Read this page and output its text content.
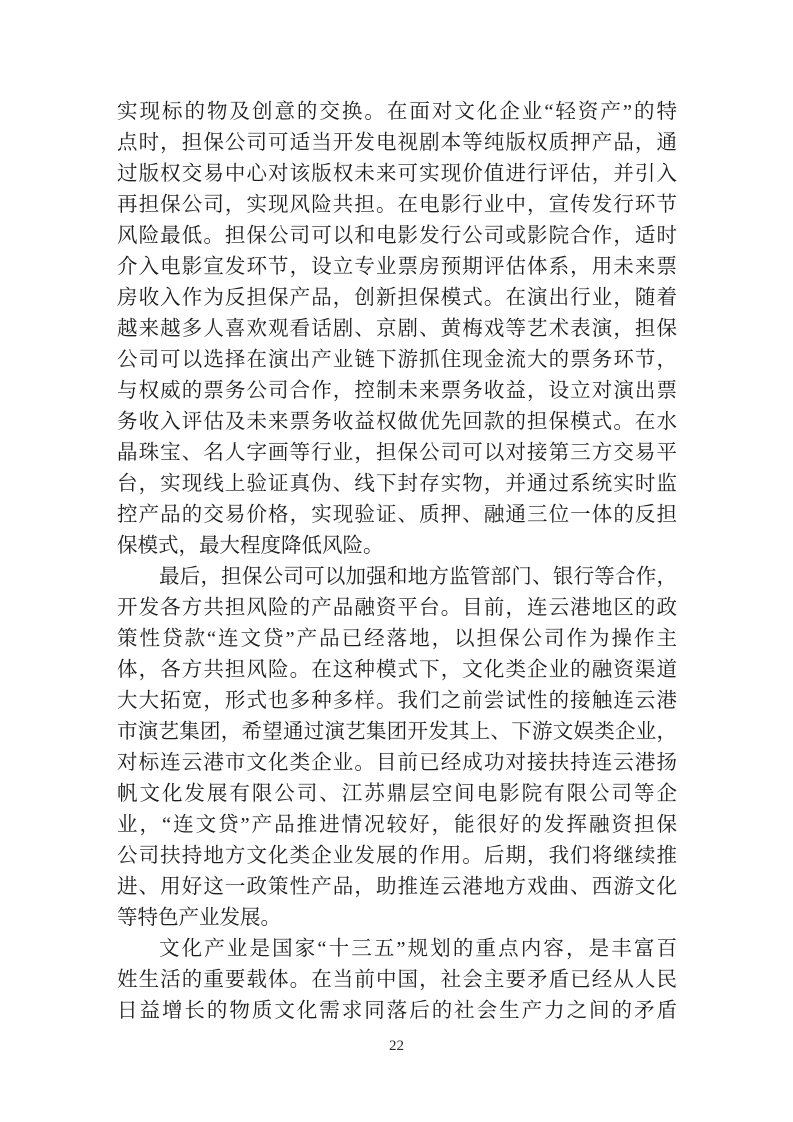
实现标的物及创意的交换。在面对文化企业“轻资产”的特
点时，担保公司可适当开发电视剧本等纯版权质押产品，通
过版权交易中心对该版权未来可实现价值进行评估，并引入
再担保公司，实现风险共担。在电影行业中，宣传发行环节
风险最低。担保公司可以和电影发行公司或影院合作，适时
介入电影宣发环节，设立专业票房预期评估体系，用未来票
房收入作为反担保产品，创新担保模式。在演出行业，随着
越来越多人喜欢观看话剧、京剧、黄梅戏等艺术表演，担保
公司可以选择在演出产业链下游抓住现金流大的票务环节，
与权威的票务公司合作，控制未来票务收益，设立对演出票
务收入评估及未来票务收益权做优先回款的担保模式。在水
晶珠宝、名人字画等行业，担保公司可以对接第三方交易平
台，实现线上验证真伪、线下封存实物，并通过系统实时监
控产品的交易价格，实现验证、质押、融通三位一体的反担
保模式，最大程度降低风险。
最后，担保公司可以加强和地方监管部门、银行等合作，
开发各方共担风险的产品融资平台。目前，连云港地区的政
策性贷款“连文贷”产品已经落地，以担保公司作为操作主
体，各方共担风险。在这种模式下，文化类企业的融资渠道
大大拓宽，形式也多种多样。我们之前尝试性的接触连云港
市演艺集团，希望通过演艺集团开发其上、下游文娱类企业，
对标连云港市文化类企业。目前已经成功对接扶持连云港扬
帆文化发展有限公司、江苏鼎层空间电影院有限公司等企
业，“连文贷”产品推进情况较好，能很好的发挥融资担保
公司扶持地方文化类企业发展的作用。后期，我们将继续推
进、用好这一政策性产品，助推连云港地方戏曲、西游文化
等特色产业发展。
文化产业是国家“十三五”规划的重点内容，是丰富百
姓生活的重要载体。在当前中国，社会主要矛盾已经从人民
日益增长的物质文化需求同落后的社会生产力之间的矛盾
22
